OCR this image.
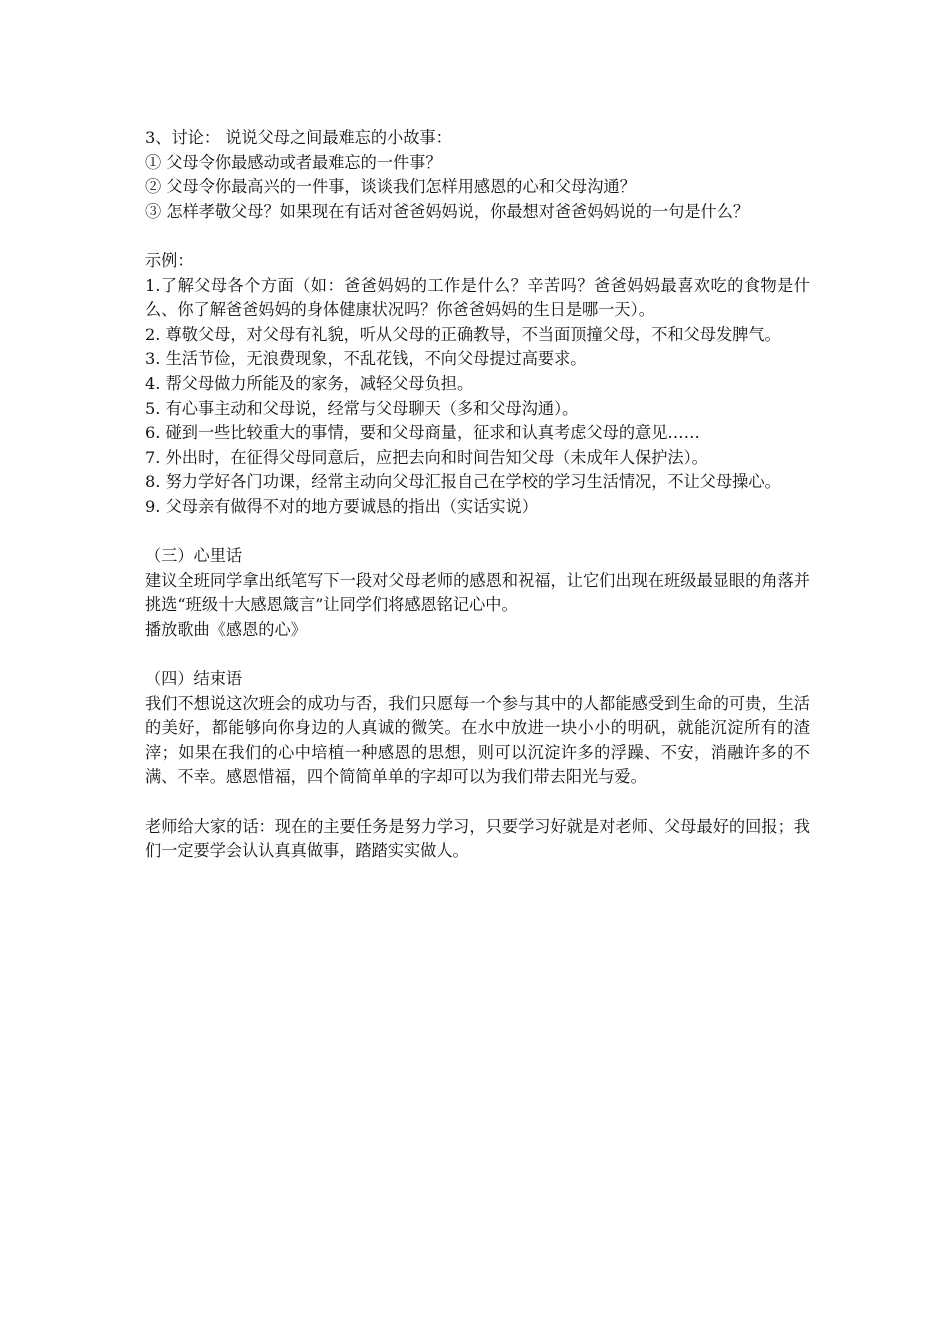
3、讨论： 说说父母之间最难忘的小故事：

① 父母令你最感动或者最难忘的一件事？

② 父母令你最高兴的一件事，谈谈我们怎样用感恩的心和父母沟通？

③ 怎样孝敬父母？如果现在有话对爸爸妈妈说，你最想对爸爸妈妈说的一句是什么？

示例：

1.了解父母各个方面（如：爸爸妈妈的工作是什么？辛苦吗？爸爸妈妈最喜欢吃的食物是什么、你了解爸爸妈妈的身体健康状况吗？你爸爸妈妈的生日是哪一天）。

2. 尊敬父母，对父母有礼貌，听从父母的正确教导，不当面顶撞父母，不和父母发脾气。

3. 生活节俭，无浪费现象，不乱花钱，不向父母提过高要求。

4. 帮父母做力所能及的家务，减轻父母负担。

5. 有心事主动和父母说，经常与父母聊天（多和父母沟通）。

6. 碰到一些比较重大的事情，要和父母商量，征求和认真考虑父母的意见……

7. 外出时，在征得父母同意后，应把去向和时间告知父母（未成年人保护法）。

8. 努力学好各门功课，经常主动向父母汇报自己在学校的学习生活情况，不让父母操心。

9. 父母亲有做得不对的地方要诚恳的指出（实话实说）

（三）心里话

建议全班同学拿出纸笔写下一段对父母老师的感恩和祝福，让它们出现在班级最显眼的角落并挑选“班级十大感恩箴言”让同学们将感恩铭记心中。

播放歌曲《感恩的心》

（四）结束语

我们不想说这次班会的成功与否，我们只愿每一个参与其中的人都能感受到生命的可贵，生活的美好，都能够向你身边的人真诚的微笑。在水中放进一块小小的明矾，就能沉淀所有的渣滓；如果在我们的心中培植一种感恩的思想，则可以沉淀许多的浮躁、不安，消融许多的不满、不幸。感恩惜福，四个简简单单的字却可以为我们带去阳光与爱。

老师给大家的话：现在的主要任务是努力学习，只要学习好就是对老师、父母最好的回报；我们一定要学会认认真真做事，踏踏实实做人。
